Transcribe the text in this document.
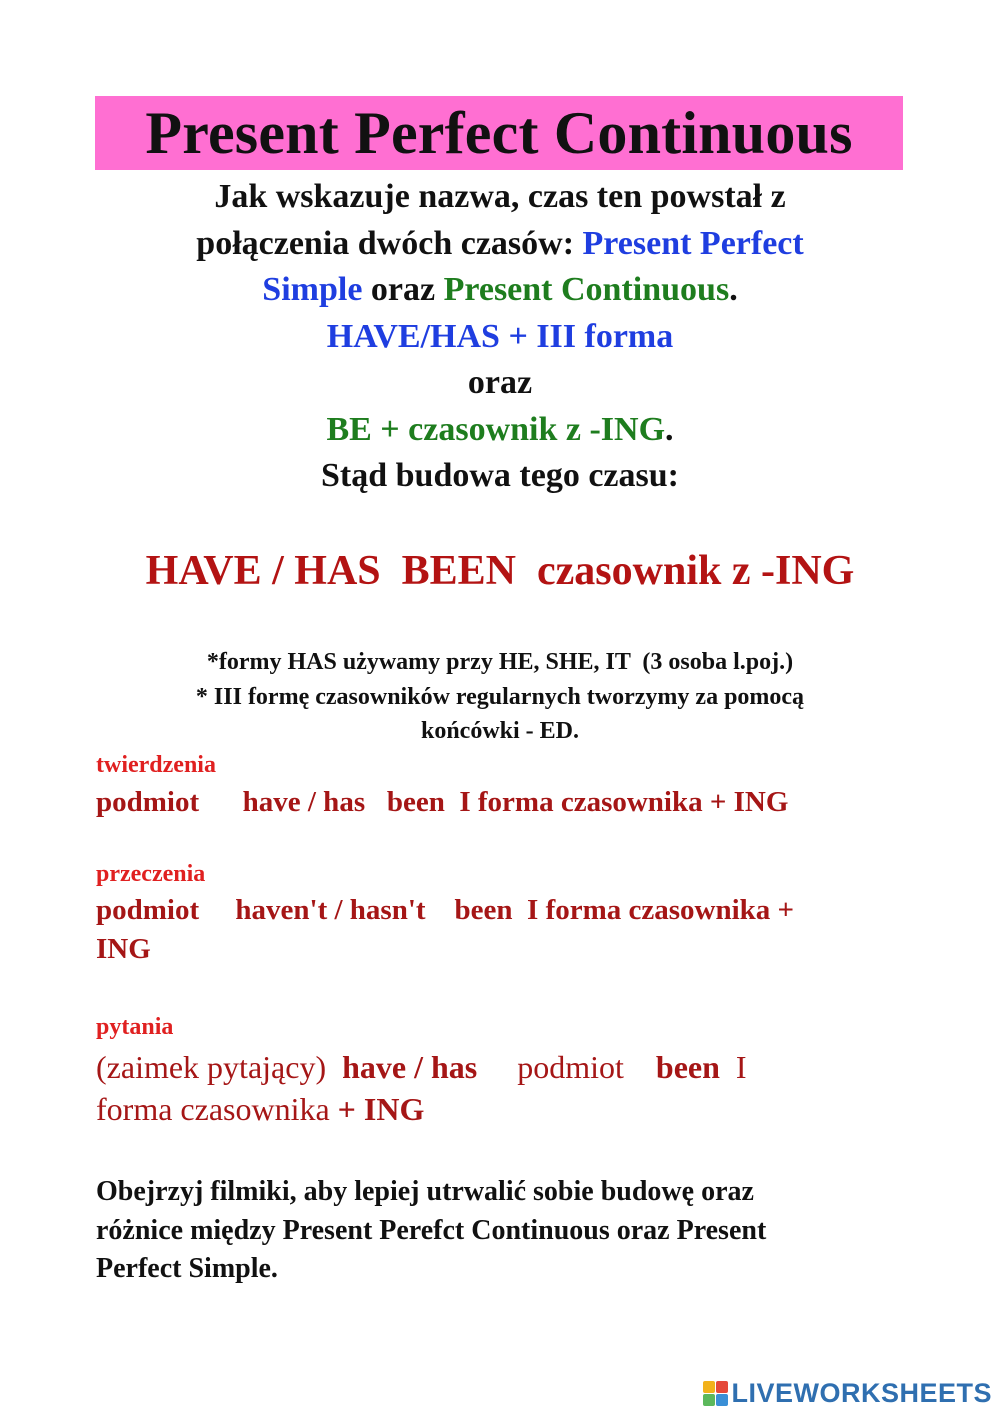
Present Perfect Continuous
Jak wskazuje nazwa, czas ten powstał z
połączenia dwóch czasów: Present Perfect
Simple oraz Present Continuous.
HAVE/HAS + III forma
oraz
BE + czasownik z -ING.
Stąd budowa tego czasu:
HAVE / HAS  BEEN  czasownik z -ING
*formy HAS używamy przy HE, SHE, IT  (3 osoba l.poj.)
* III formę czasowników regularnych tworzymy za pomocą
końcówki - ED.
twierdzenia
podmiot      have / has   been  I forma czasownika + ING
przeczenia
podmiot     haven't / hasn't    been  I forma czasownika +
ING
pytania
(zaimek pytający)  have / has     podmiot    been  I
forma czasownika + ING
Obejrzyj filmiki, aby lepiej utrwalić sobie budowę oraz
różnice między Present Perefct Continuous oraz Present
Perfect Simple.
LIVEWORKSHEETS
